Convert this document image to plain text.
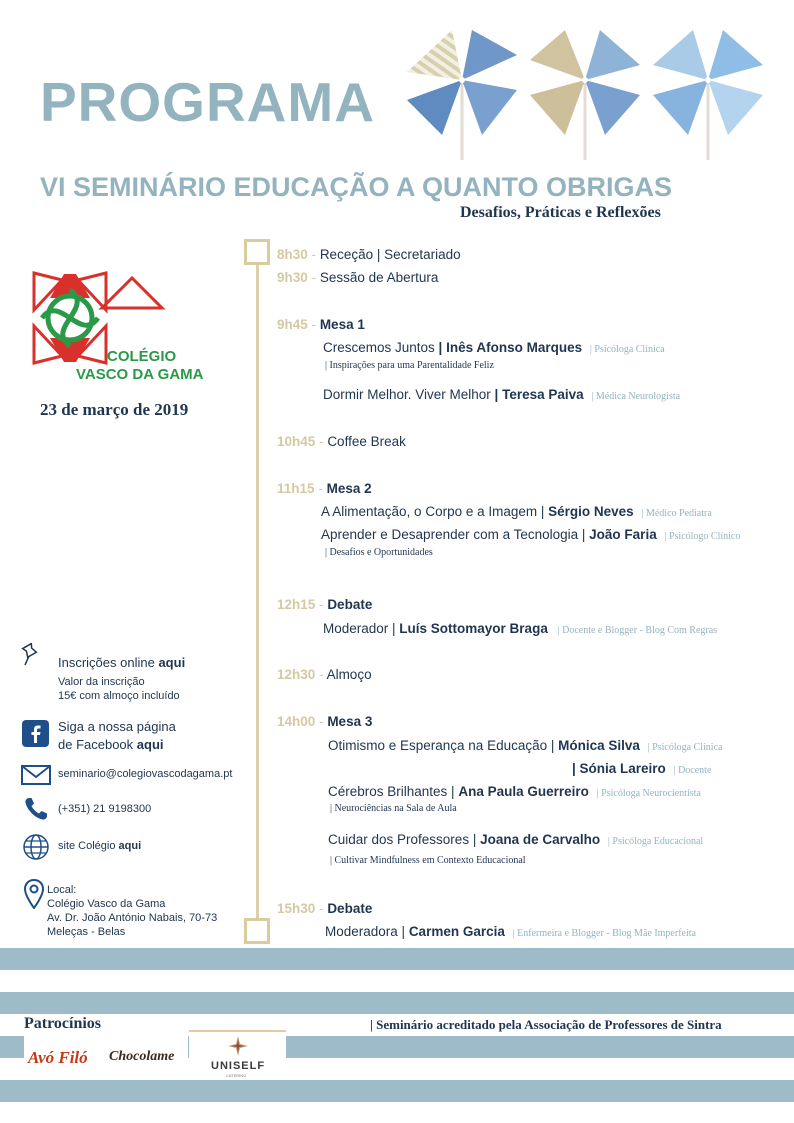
PROGRAMA
VI SEMINÁRIO EDUCAÇÃO A QUANTO OBRIGAS
Desafios, Práticas e Reflexões
COLÉGIO
VASCO DA GAMA
23 de março de 2019
8h30 - Receção | Secretariado
9h30 - Sessão de Abertura
9h45 - Mesa 1
Crescemos Juntos | Inês Afonso Marques | Psicóloga Clínica
| Inspirações para uma Parentalidade Feliz
Dormir Melhor. Viver Melhor | Teresa Paiva | Médica Neurologista
10h45 - Coffee Break
11h15 - Mesa 2
A Alimentação, o Corpo e a Imagem | Sérgio Neves | Médico Pediatra
Aprender e Desaprender com a Tecnologia | João Faria | Psicólogo Clínico
| Desafios e Oportunidades
12h15 - Debate
Moderador | Luís Sottomayor Braga | Docente e Blogger - Blog Com Regras
12h30 - Almoço
14h00 - Mesa 3
Otimismo e Esperança na Educação | Mónica Silva | Psicóloga Clínica
| Sónia Lareiro | Docente
Cérebros Brilhantes | Ana Paula Guerreiro | Psicóloga Neurocientista
| Neurociências na Sala de Aula
Cuidar dos Professores | Joana de Carvalho | Psicóloga Educacional
| Cultivar Mindfulness em Contexto Educacional
15h30 - Debate
Moderadora | Carmen Garcia | Enfermeira e Blogger - Blog Mãe Imperfeita
Inscrições online aqui
Valor da inscrição
15€ com almoço incluído
Siga a nossa página
de Facebook aqui
seminario@colegiovascodagama.pt
(+351) 21 9198300
site Colégio aqui
Local:
Colégio Vasco da Gama
Av. Dr. João António Nabais, 70-73
Meleças - Belas
Patrocínios	| Seminário acreditado pela Associação de Professores de Sintra
Avó Filó Chocolame
UNISELF
CATERING
